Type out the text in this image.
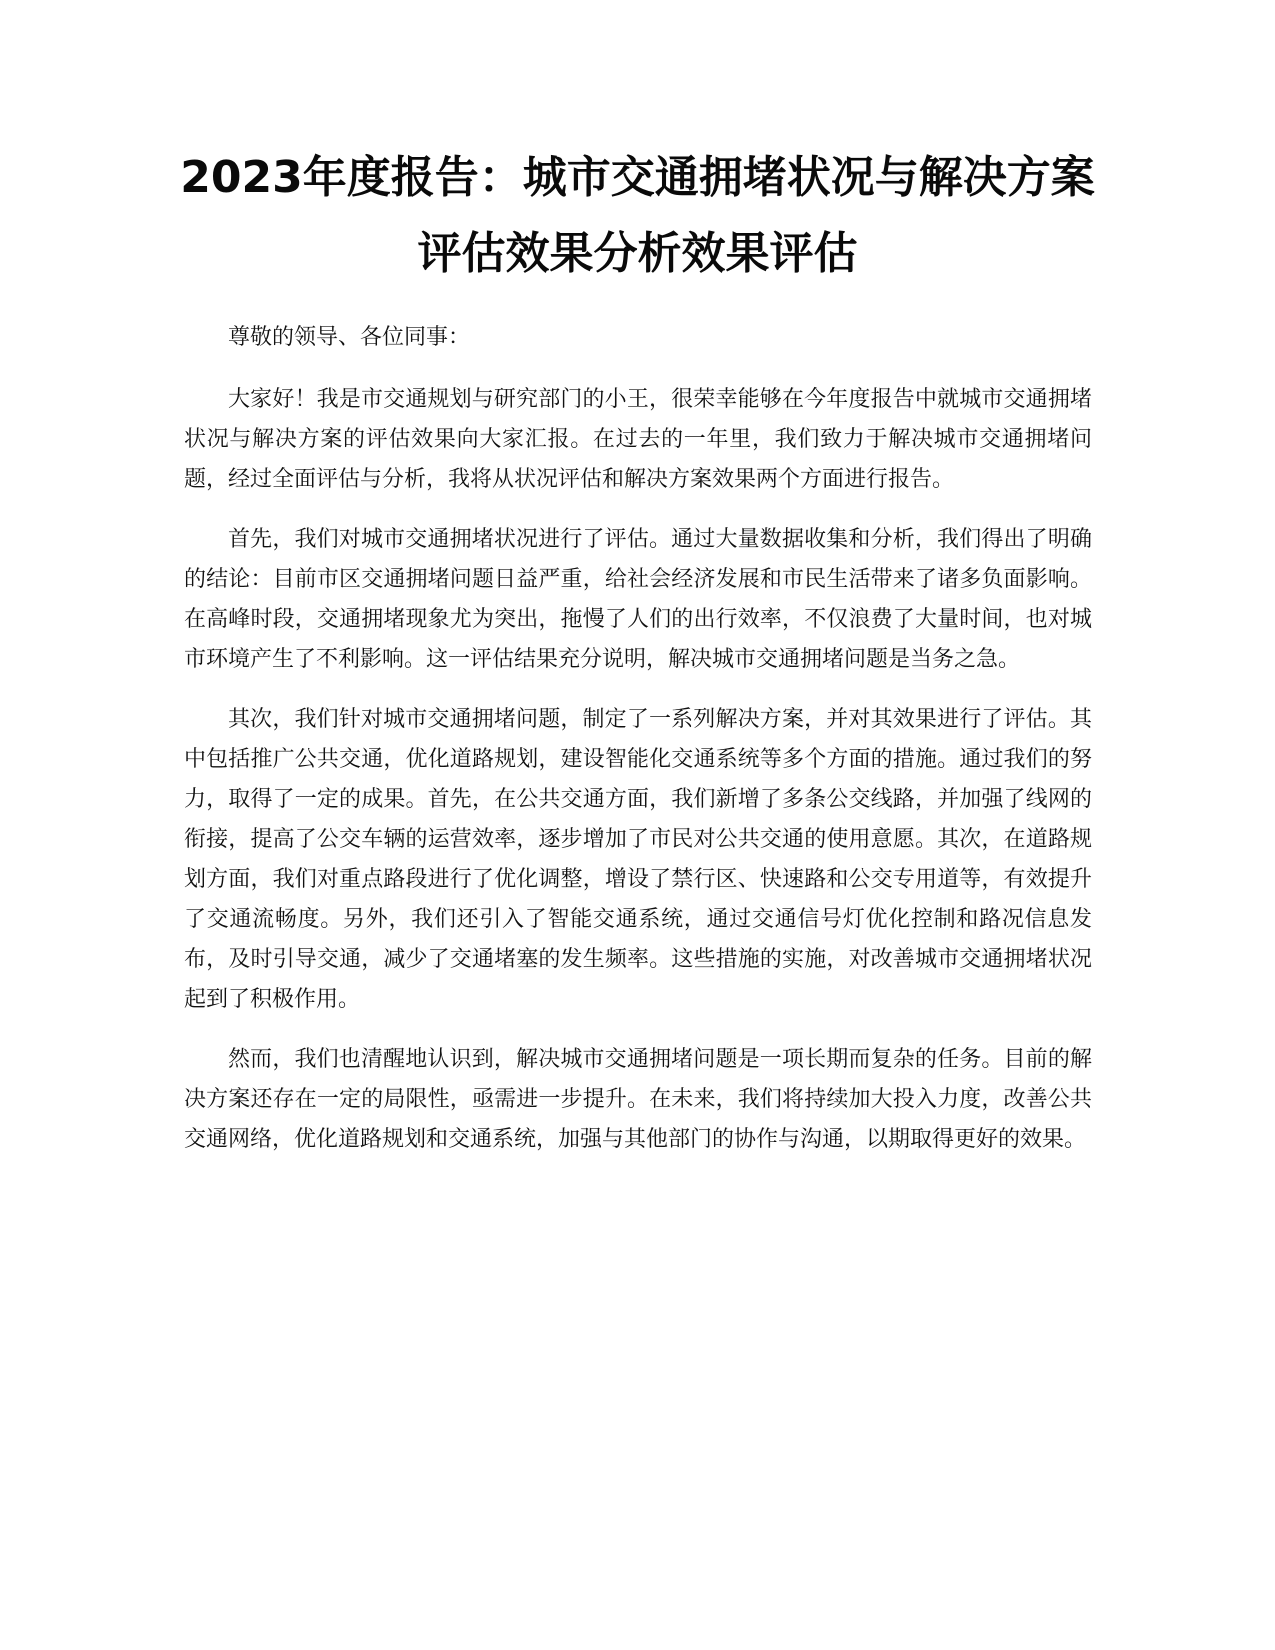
2023年度报告：城市交通拥堵状况与解决方案评估效果分析效果评估

尊敬的领导、各位同事：

大家好！我是市交通规划与研究部门的小王，很荣幸能够在今年度报告中就城市交通拥堵状况与解决方案的评估效果向大家汇报。在过去的一年里，我们致力于解决城市交通拥堵问题，经过全面评估与分析，我将从状况评估和解决方案效果两个方面进行报告。

首先，我们对城市交通拥堵状况进行了评估。通过大量数据收集和分析，我们得出了明确的结论：目前市区交通拥堵问题日益严重，给社会经济发展和市民生活带来了诸多负面影响。在高峰时段，交通拥堵现象尤为突出，拖慢了人们的出行效率，不仅浪费了大量时间，也对城市环境产生了不利影响。这一评估结果充分说明，解决城市交通拥堵问题是当务之急。

其次，我们针对城市交通拥堵问题，制定了一系列解决方案，并对其效果进行了评估。其中包括推广公共交通，优化道路规划，建设智能化交通系统等多个方面的措施。通过我们的努力，取得了一定的成果。首先，在公共交通方面，我们新增了多条公交线路，并加强了线网的衔接，提高了公交车辆的运营效率，逐步增加了市民对公共交通的使用意愿。其次，在道路规划方面，我们对重点路段进行了优化调整，增设了禁行区、快速路和公交专用道等，有效提升了交通流畅度。另外，我们还引入了智能交通系统，通过交通信号灯优化控制和路况信息发布，及时引导交通，减少了交通堵塞的发生频率。这些措施的实施，对改善城市交通拥堵状况起到了积极作用。

然而，我们也清醒地认识到，解决城市交通拥堵问题是一项长期而复杂的任务。目前的解决方案还存在一定的局限性，亟需进一步提升。在未来，我们将持续加大投入力度，改善公共交通网络，优化道路规划和交通系统，加强与其他部门的协作与沟通，以期取得更好的效果。
